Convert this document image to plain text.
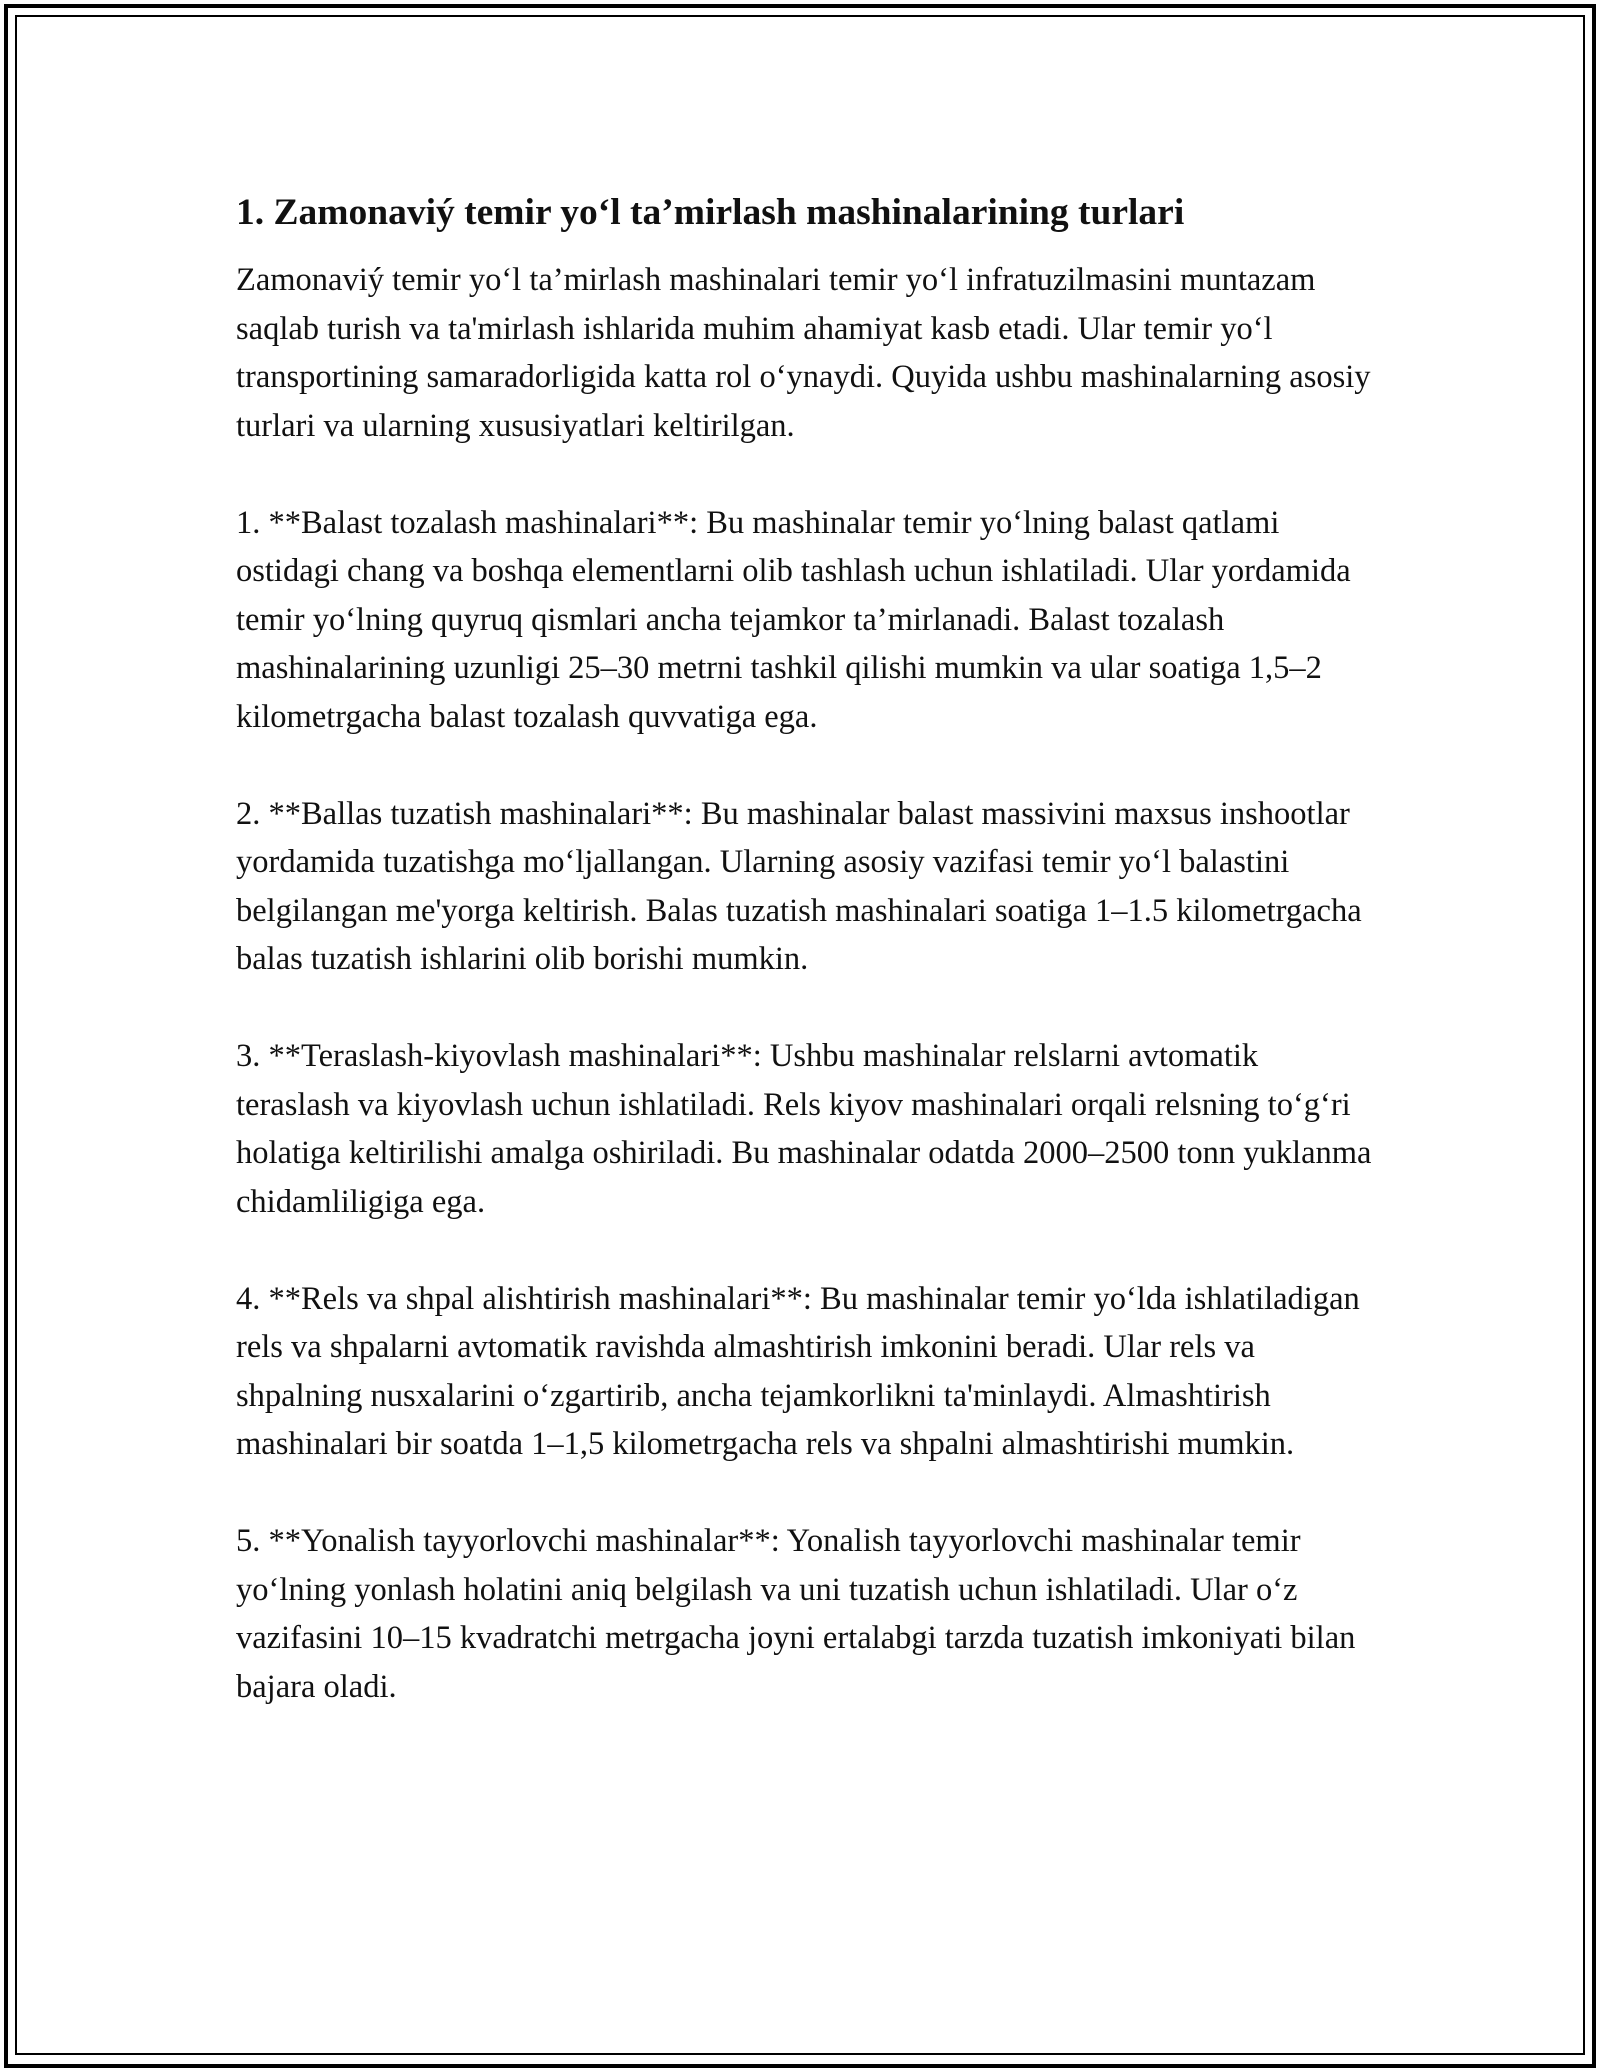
1. Zamonaviý temir yo‘l ta’mirlash mashinalarining turlari

Zamonaviý temir yo‘l ta’mirlash mashinalari temir yo‘l infratuzilmasini muntazam saqlab turish va ta'mirlash ishlarida muhim ahamiyat kasb etadi. Ular temir yo‘l transportining samaradorligida katta rol o‘ynaydi. Quyida ushbu mashinalarning asosiy turlari va ularning xususiyatlari keltirilgan.

1. **Balast tozalash mashinalari**: Bu mashinalar temir yo‘lning balast qatlami ostidagi chang va boshqa elementlarni olib tashlash uchun ishlatiladi. Ular yordamida temir yo‘lning quyruq qismlari ancha tejamkor ta’mirlanadi. Balast tozalash mashinalarining uzunligi 25–30 metrni tashkil qilishi mumkin va ular soatiga 1,5–2 kilometrgacha balast tozalash quvvatiga ega.

2. **Ballas tuzatish mashinalari**: Bu mashinalar balast massivini maxsus inshootlar yordamida tuzatishga mo‘ljallangan. Ularning asosiy vazifasi temir yo‘l balastini belgilangan me'yorga keltirish. Balas tuzatish mashinalari soatiga 1–1.5 kilometrgacha balas tuzatish ishlarini olib borishi mumkin.

3. **Teraslash-kiyovlash mashinalari**: Ushbu mashinalar relslarni avtomatik teraslash va kiyovlash uchun ishlatiladi. Rels kiyov mashinalari orqali relsning to‘g‘ri holatiga keltirilishi amalga oshiriladi. Bu mashinalar odatda 2000–2500 tonn yuklanma chidamliligiga ega.

4. **Rels va shpal alishtirish mashinalari**: Bu mashinalar temir yo‘lda ishlatiladigan rels va shpalarni avtomatik ravishda almashtirish imkonini beradi. Ular rels va shpalning nusxalarini o‘zgartirib, ancha tejamkorlikni ta'minlaydi. Almashtirish mashinalari bir soatda 1–1,5 kilometrgacha rels va shpalni almashtirishi mumkin.

5. **Yonalish tayyorlovchi mashinalar**: Yonalish tayyorlovchi mashinalar temir yo‘lning yonlash holatini aniq belgilash va uni tuzatish uchun ishlatiladi. Ular o‘z vazifasini 10–15 kvadratchi metrgacha joyni ertalabgi tarzda tuzatish imkoniyati bilan bajara oladi.
